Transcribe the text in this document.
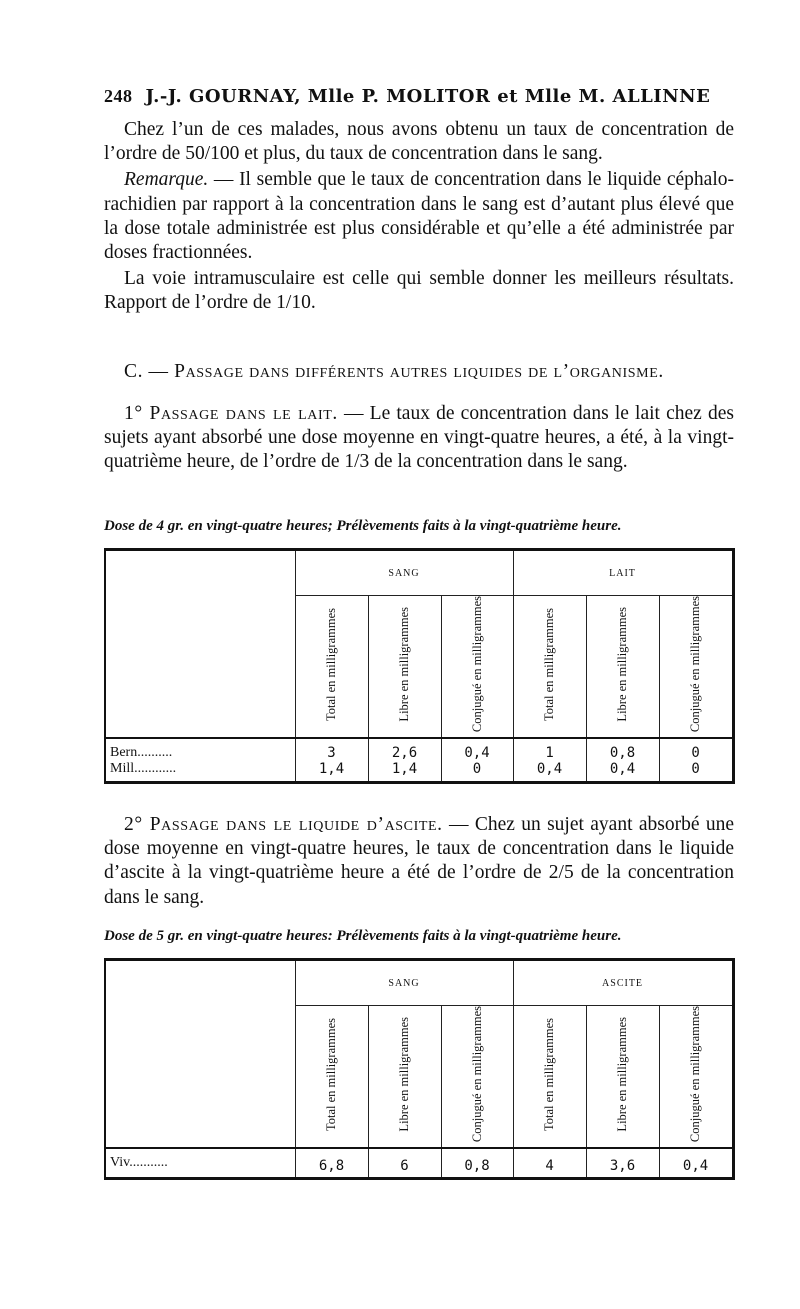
248 J.-J. GOURNAY, Mlle P. MOLITOR et Mlle M. ALLINNE

Chez l’un de ces malades, nous avons obtenu un taux de concentration de l’ordre de 50/100 et plus, du taux de concentration dans le sang.

Remarque. — Il semble que le taux de concentration dans le liquide céphalo-rachidien par rapport à la concentration dans le sang est d’autant plus élevé que la dose totale administrée est plus considérable et qu’elle a été administrée par doses fractionnées.

La voie intramusculaire est celle qui semble donner les meilleurs résultats. Rapport de l’ordre de 1/10.

C. — Passage dans différents autres liquides de l’organisme.

1° Passage dans le lait. — Le taux de concentration dans le lait chez des sujets ayant absorbé une dose moyenne en vingt-quatre heures, a été, à la vingt-quatrième heure, de l’ordre de 1/3 de la concentration dans le sang.

Dose de 4 gr. en vingt-quatre heures; Prélèvements faits à la vingt-quatrième heure.
	SANG			LAIT		
	Total en milligrammes	Libre en milligrammes	Conjugué en milligrammes	Total en milligrammes	Libre en milligrammes	Conjugué en milligrammes
Bern..........	3	2,6	0,4	1	0,8	0
Mill............	1,4	1,4	0	0,4	0,4	0

2° Passage dans le liquide d’ascite. — Chez un sujet ayant absorbé une dose moyenne en vingt-quatre heures, le taux de concentration dans le liquide d’ascite à la vingt-quatrième heure a été de l’ordre de 2/5 de la concentration dans le sang.

Dose de 5 gr. en vingt-quatre heures: Prélèvements faits à la vingt-quatrième heure.
	SANG			ASCITE		
	Total en milligrammes	Libre en milligrammes	Conjugué en milligrammes	Total en milligrammes	Libre en milligrammes	Conjugué en milligrammes
Viv...........	6,8	6	0,8	4	3,6	0,4
